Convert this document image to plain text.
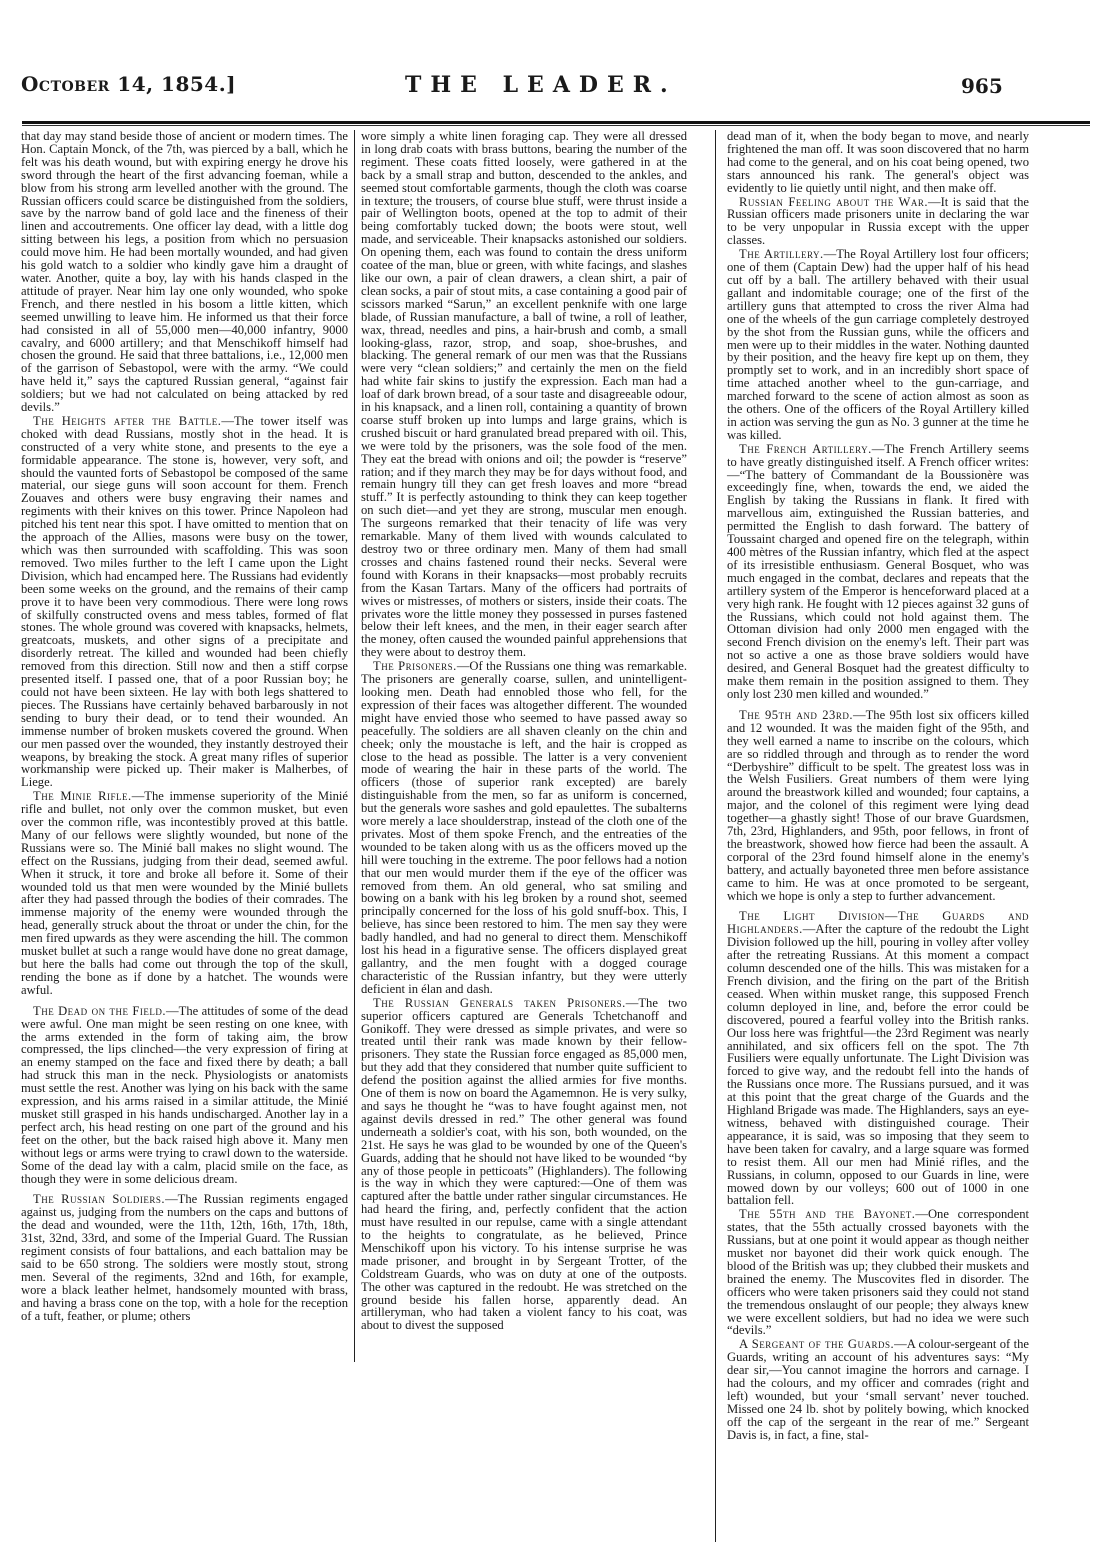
October 14, 1854.]	THE LEADER.	965

that day may stand beside those of ancient or modern times. The Hon. Captain Monck, of the 7th, was pierced by a ball, which he felt was his death wound, but with expiring energy he drove his sword through the heart of the first advancing foeman, while a blow from his strong arm levelled another with the ground. The Russian officers could scarce be distinguished from the soldiers, save by the narrow band of gold lace and the fineness of their linen and accoutrements. One officer lay dead, with a little dog sitting between his legs, a position from which no persuasion could move him. He had been mortally wounded, and had given his gold watch to a soldier who kindly gave him a draught of water. Another, quite a boy, lay with his hands clasped in the attitude of prayer. Near him lay one only wounded, who spoke French, and there nestled in his bosom a little kitten, which seemed unwilling to leave him. He informed us that their force had consisted in all of 55,000 men—40,000 infantry, 9000 cavalry, and 6000 artillery; and that Menschikoff himself had chosen the ground. He said that three battalions, i.e., 12,000 men of the garrison of Sebastopol, were with the army. “We could have held it,” says the captured Russian general, “against fair soldiers; but we had not calculated on being attacked by red devils.”

The Heights after the Battle.—The tower itself was choked with dead Russians, mostly shot in the head. It is constructed of a very white stone, and presents to the eye a formidable appearance. The stone is, however, very soft, and should the vaunted forts of Sebastopol be composed of the same material, our siege guns will soon account for them. French Zouaves and others were busy engraving their names and regiments with their knives on this tower. Prince Napoleon had pitched his tent near this spot. I have omitted to mention that on the approach of the Allies, masons were busy on the tower, which was then surrounded with scaffolding. This was soon removed. Two miles further to the left I came upon the Light Division, which had encamped here. The Russians had evidently been some weeks on the ground, and the remains of their camp prove it to have been very commodious. There were long rows of skilfully constructed ovens and mess tables, formed of flat stones. The whole ground was covered with knapsacks, helmets, greatcoats, muskets, and other signs of a precipitate and disorderly retreat. The killed and wounded had been chiefly removed from this direction. Still now and then a stiff corpse presented itself. I passed one, that of a poor Russian boy; he could not have been sixteen. He lay with both legs shattered to pieces. The Russians have certainly behaved barbarously in not sending to bury their dead, or to tend their wounded. An immense number of broken muskets covered the ground. When our men passed over the wounded, they instantly destroyed their weapons, by breaking the stock. A great many rifles of superior workmanship were picked up. Their maker is Malherbes, of Liege.

The Minie Rifle.—The immense superiority of the Minié rifle and bullet, not only over the common musket, but even over the common rifle, was incontestibly proved at this battle. Many of our fellows were slightly wounded, but none of the Russians were so. The Minié ball makes no slight wound. The effect on the Russians, judging from their dead, seemed awful. When it struck, it tore and broke all before it. Some of their wounded told us that men were wounded by the Minié bullets after they had passed through the bodies of their comrades. The immense majority of the enemy were wounded through the head, generally struck about the throat or under the chin, for the men fired upwards as they were ascending the hill. The common musket bullet at such a range would have done no great damage, but here the balls had come out through the top of the skull, rending the bone as if done by a hatchet. The wounds were awful.

The Dead on the Field.—The attitudes of some of the dead were awful. One man might be seen resting on one knee, with the arms extended in the form of taking aim, the brow compressed, the lips clinched—the very expression of firing at an enemy stamped on the face and fixed there by death; a ball had struck this man in the neck. Physiologists or anatomists must settle the rest. Another was lying on his back with the same expression, and his arms raised in a similar attitude, the Minié musket still grasped in his hands undischarged. Another lay in a perfect arch, his head resting on one part of the ground and his feet on the other, but the back raised high above it. Many men without legs or arms were trying to crawl down to the waterside. Some of the dead lay with a calm, placid smile on the face, as though they were in some delicious dream.

The Russian Soldiers.—The Russian regiments engaged against us, judging from the numbers on the caps and buttons of the dead and wounded, were the 11th, 12th, 16th, 17th, 18th, 31st, 32nd, 33rd, and some of the Imperial Guard. The Russian regiment consists of four battalions, and each battalion may be said to be 650 strong. The soldiers were mostly stout, strong men. Several of the regiments, 32nd and 16th, for example, wore a black leather helmet, handsomely mounted with brass, and having a brass cone on the top, with a hole for the reception of a tuft, feather, or plume; others

wore simply a white linen foraging cap. They were all dressed in long drab coats with brass buttons, bearing the number of the regiment. These coats fitted loosely, were gathered in at the back by a small strap and button, descended to the ankles, and seemed stout comfortable garments, though the cloth was coarse in texture; the trousers, of course blue stuff, were thrust inside a pair of Wellington boots, opened at the top to admit of their being comfortably tucked down; the boots were stout, well made, and serviceable. Their knapsacks astonished our soldiers. On opening them, each was found to contain the dress uniform coatee of the man, blue or green, with white facings, and slashes like our own, a pair of clean drawers, a clean shirt, a pair of clean socks, a pair of stout mits, a case containing a good pair of scissors marked “Sarun,” an excellent penknife with one large blade, of Russian manufacture, a ball of twine, a roll of leather, wax, thread, needles and pins, a hair-brush and comb, a small looking-glass, razor, strop, and soap, shoe-brushes, and blacking. The general remark of our men was that the Russians were very “clean soldiers;” and certainly the men on the field had white fair skins to justify the expression. Each man had a loaf of dark brown bread, of a sour taste and disagreeable odour, in his knapsack, and a linen roll, containing a quantity of brown coarse stuff broken up into lumps and large grains, which is crushed biscuit or hard granulated bread prepared with oil. This, we were told by the prisoners, was the sole food of the men. They eat the bread with onions and oil; the powder is “reserve” ration; and if they march they may be for days without food, and remain hungry till they can get fresh loaves and more “bread stuff.” It is perfectly astounding to think they can keep together on such diet—and yet they are strong, muscular men enough. The surgeons remarked that their tenacity of life was very remarkable. Many of them lived with wounds calculated to destroy two or three ordinary men. Many of them had small crosses and chains fastened round their necks. Several were found with Korans in their knapsacks—most probably recruits from the Kasan Tartars. Many of the officers had portraits of wives or mistresses, of mothers or sisters, inside their coats. The privates wore the little money they possessed in purses fastened below their left knees, and the men, in their eager search after the money, often caused the wounded painful apprehensions that they were about to destroy them.

The Prisoners.—Of the Russians one thing was remarkable. The prisoners are generally coarse, sullen, and unintelligent-looking men. Death had ennobled those who fell, for the expression of their faces was altogether different. The wounded might have envied those who seemed to have passed away so peacefully. The soldiers are all shaven cleanly on the chin and cheek; only the moustache is left, and the hair is cropped as close to the head as possible. The latter is a very convenient mode of wearing the hair in these parts of the world. The officers (those of superior rank excepted) are barely distinguishable from the men, so far as uniform is concerned, but the generals wore sashes and gold epaulettes. The subalterns wore merely a lace shoulderstrap, instead of the cloth one of the privates. Most of them spoke French, and the entreaties of the wounded to be taken along with us as the officers moved up the hill were touching in the extreme. The poor fellows had a notion that our men would murder them if the eye of the officer was removed from them. An old general, who sat smiling and bowing on a bank with his leg broken by a round shot, seemed principally concerned for the loss of his gold snuff-box. This, I believe, has since been restored to him. The men say they were badly handled, and had no general to direct them. Menschikoff lost his head in a figurative sense. The officers displayed great gallantry, and the men fought with a dogged courage characteristic of the Russian infantry, but they were utterly deficient in élan and dash.

The Russian Generals taken Prisoners.—The two superior officers captured are Generals Tchetchanoff and Gonikoff. They were dressed as simple privates, and were so treated until their rank was made known by their fellow-prisoners. They state the Russian force engaged as 85,000 men, but they add that they considered that number quite sufficient to defend the position against the allied armies for five months. One of them is now on board the Agamemnon. He is very sulky, and says he thought he “was to have fought against men, not against devils dressed in red.” The other general was found underneath a soldier's coat, with his son, both wounded, on the 21st. He says he was glad to be wounded by one of the Queen's Guards, adding that he should not have liked to be wounded “by any of those people in petticoats” (Highlanders). The following is the way in which they were captured:—One of them was captured after the battle under rather singular circumstances. He had heard the firing, and, perfectly confident that the action must have resulted in our repulse, came with a single attendant to the heights to congratulate, as he believed, Prince Menschikoff upon his victory. To his intense surprise he was made prisoner, and brought in by Sergeant Trotter, of the Coldstream Guards, who was on duty at one of the outposts. The other was captured in the redoubt. He was stretched on the ground beside his fallen horse, apparently dead. An artilleryman, who had taken a violent fancy to his coat, was about to divest the supposed

dead man of it, when the body began to move, and nearly frightened the man off. It was soon discovered that no harm had come to the general, and on his coat being opened, two stars announced his rank. The general's object was evidently to lie quietly until night, and then make off.

Russian Feeling about the War.—It is said that the Russian officers made prisoners unite in declaring the war to be very unpopular in Russia except with the upper classes.

The Artillery.—The Royal Artillery lost four officers; one of them (Captain Dew) had the upper half of his head cut off by a ball. The artillery behaved with their usual gallant and indomitable courage; one of the first of the artillery guns that attempted to cross the river Alma had one of the wheels of the gun carriage completely destroyed by the shot from the Russian guns, while the officers and men were up to their middles in the water. Nothing daunted by their position, and the heavy fire kept up on them, they promptly set to work, and in an incredibly short space of time attached another wheel to the gun-carriage, and marched forward to the scene of action almost as soon as the others. One of the officers of the Royal Artillery killed in action was serving the gun as No. 3 gunner at the time he was killed.

The French Artillery.—The French Artillery seems to have greatly distinguished itself. A French officer writes:—“The battery of Commandant de la Boussionère was exceedingly fine, when, towards the end, we aided the English by taking the Russians in flank. It fired with marvellous aim, extinguished the Russian batteries, and permitted the English to dash forward. The battery of Toussaint charged and opened fire on the telegraph, within 400 mètres of the Russian infantry, which fled at the aspect of its irresistible enthusiasm. General Bosquet, who was much engaged in the combat, declares and repeats that the artillery system of the Emperor is henceforward placed at a very high rank. He fought with 12 pieces against 32 guns of the Russians, which could not hold against them. The Ottoman division had only 2000 men engaged with the second French division on the enemy's left. Their part was not so active a one as those brave soldiers would have desired, and General Bosquet had the greatest difficulty to make them remain in the position assigned to them. They only lost 230 men killed and wounded.”

The 95th and 23rd.—The 95th lost six officers killed and 12 wounded. It was the maiden fight of the 95th, and they well earned a name to inscribe on the colours, which are so riddled through and through as to render the word “Derbyshire” difficult to be spelt. The greatest loss was in the Welsh Fusiliers. Great numbers of them were lying around the breastwork killed and wounded; four captains, a major, and the colonel of this regiment were lying dead together—a ghastly sight! Those of our brave Guardsmen, 7th, 23rd, Highlanders, and 95th, poor fellows, in front of the breastwork, showed how fierce had been the assault. A corporal of the 23rd found himself alone in the enemy's battery, and actually bayoneted three men before assistance came to him. He was at once promoted to be sergeant, which we hope is only a step to further advancement.

The Light Division—The Guards and Highlanders.—After the capture of the redoubt the Light Division followed up the hill, pouring in volley after volley after the retreating Russians. At this moment a compact column descended one of the hills. This was mistaken for a French division, and the firing on the part of the British ceased. When within musket range, this supposed French column deployed in line, and, before the error could be discovered, poured a fearful volley into the British ranks. Our loss here was frightful—the 23rd Regiment was nearly annihilated, and six officers fell on the spot. The 7th Fusiliers were equally unfortunate. The Light Division was forced to give way, and the redoubt fell into the hands of the Russians once more. The Russians pursued, and it was at this point that the great charge of the Guards and the Highland Brigade was made. The Highlanders, says an eye-witness, behaved with distinguished courage. Their appearance, it is said, was so imposing that they seem to have been taken for cavalry, and a large square was formed to resist them. All our men had Minié rifles, and the Russians, in column, opposed to our Guards in line, were mowed down by our volleys; 600 out of 1000 in one battalion fell.

The 55th and the Bayonet.—One correspondent states, that the 55th actually crossed bayonets with the Russians, but at one point it would appear as though neither musket nor bayonet did their work quick enough. The blood of the British was up; they clubbed their muskets and brained the enemy. The Muscovites fled in disorder. The officers who were taken prisoners said they could not stand the tremendous onslaught of our people; they always knew we were excellent soldiers, but had no idea we were such “devils.”

A Sergeant of the Guards.—A colour-sergeant of the Guards, writing an account of his adventures says: “My dear sir,—You cannot imagine the horrors and carnage. I had the colours, and my officer and comrades (right and left) wounded, but your ‘small servant’ never touched. Missed one 24 lb. shot by politely bowing, which knocked off the cap of the sergeant in the rear of me.” Sergeant Davis is, in fact, a fine, stal-
